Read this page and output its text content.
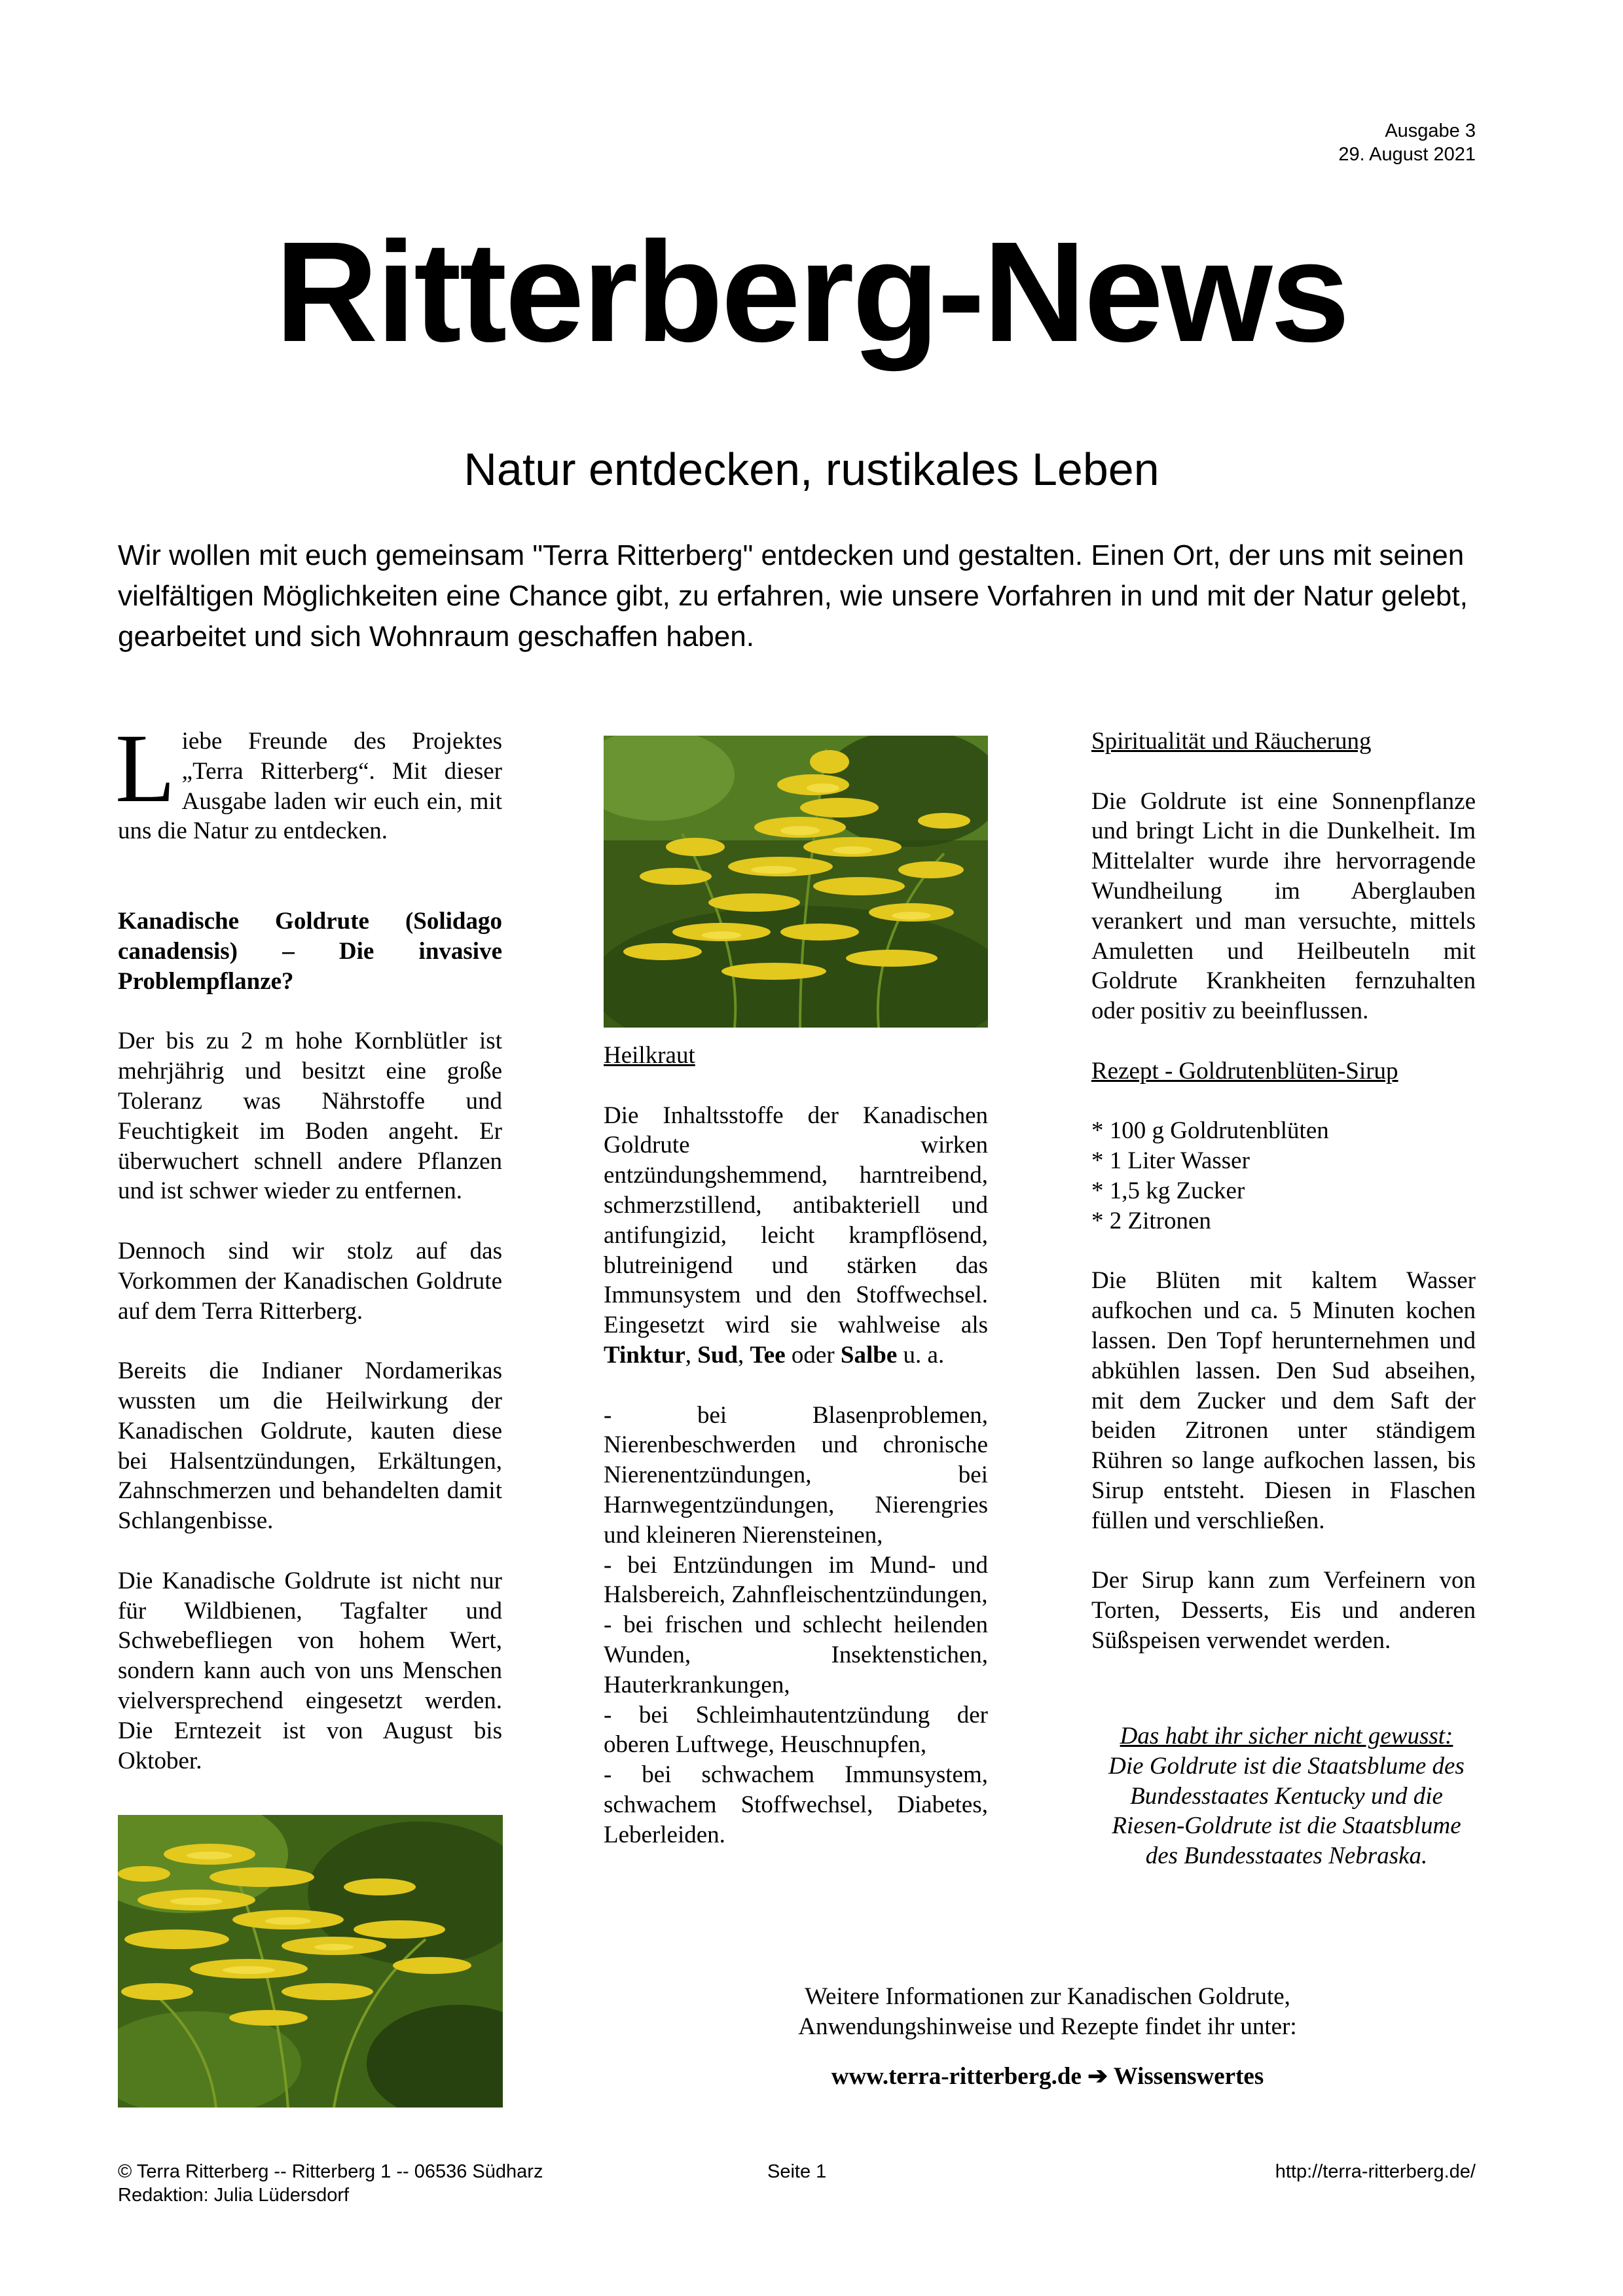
Ausgabe 3
29. August 2021
Ritterberg-News
Natur entdecken, rustikales Leben
Wir wollen mit euch gemeinsam "Terra Ritterberg" entdecken und gestalten. Einen Ort, der uns mit seinen vielfältigen Möglichkeiten eine Chance gibt, zu erfahren, wie unsere Vorfahren in und mit der Natur gelebt, gearbeitet und sich Wohnraum geschaffen haben.

Liebe Freunde des Projektes „Terra Ritterberg“. Mit dieser Ausgabe laden wir euch ein, mit uns die Natur zu entdecken.

Kanadische Goldrute (Solidago canadensis) – Die invasive Problempflanze?

Der bis zu 2 m hohe Kornblütler ist mehrjährig und besitzt eine große Toleranz was Nährstoffe und Feuchtigkeit im Boden angeht. Er überwuchert schnell andere Pflanzen und ist schwer wieder zu entfernen.

Dennoch sind wir stolz auf das Vorkommen der Kanadischen Goldrute auf dem Terra Ritterberg.

Bereits die Indianer Nordamerikas wussten um die Heilwirkung der Kanadischen Goldrute, kauten diese bei Halsentzündungen, Erkältungen, Zahnschmerzen und behandelten damit Schlangenbisse.

Die Kanadische Goldrute ist nicht nur für Wildbienen, Tagfalter und Schwebefliegen von hohem Wert, sondern kann auch von uns Menschen vielversprechend eingesetzt werden. Die Erntezeit ist von August bis Oktober.

Heilkraut

Die Inhaltsstoffe der Kanadischen Goldrute wirken entzündungshemmend, harntreibend, schmerzstillend, antibakteriell und antifungizid, leicht krampflösend, blutreinigend und stärken das Immunsystem und den Stoffwechsel. Eingesetzt wird sie wahlweise als Tinktur, Sud, Tee oder Salbe u. a.

- bei Blasenproblemen, Nierenbeschwerden und chronische Nierenentzündungen, bei Harnwegentzündungen, Nierengries und kleineren Nierensteinen,

- bei Entzündungen im Mund- und Halsbereich, Zahnfleischentzündungen,

- bei frischen und schlecht heilenden Wunden, Insektenstichen, Hauterkrankungen,

- bei Schleimhautentzündung der oberen Luftwege, Heuschnupfen,

- bei schwachem Immunsystem, schwachem Stoffwechsel, Diabetes, Leberleiden.

Spiritualität und Räucherung

Die Goldrute ist eine Sonnenpflanze und bringt Licht in die Dunkelheit. Im Mittelalter wurde ihre hervorragende Wundheilung im Aberglauben verankert und man versuchte, mittels Amuletten und Heilbeuteln mit Goldrute Krankheiten fernzuhalten oder positiv zu beeinflussen.

Rezept - Goldrutenblüten-Sirup

* 100 g Goldrutenblüten

* 1 Liter Wasser

* 1,5 kg Zucker

* 2 Zitronen

Die Blüten mit kaltem Wasser aufkochen und ca. 5 Minuten kochen lassen. Den Topf herunternehmen und abkühlen lassen. Den Sud abseihen, mit dem Zucker und dem Saft der beiden Zitronen unter ständigem Rühren so lange aufkochen lassen, bis Sirup entsteht. Diesen in Flaschen füllen und verschließen.

Der Sirup kann zum Verfeinern von Torten, Desserts, Eis und anderen Süßspeisen verwendet werden.

Das habt ihr sicher nicht gewusst:
Die Goldrute ist die Staatsblume des
Bundesstaates Kentucky und die
Riesen-Goldrute ist die Staatsblume
des Bundesstaates Nebraska.
Weitere Informationen zur Kanadischen Goldrute,
Anwendungshinweise und Rezepte findet ihr unter:
www.terra-ritterberg.de ➔ Wissenswertes
© Terra Ritterberg -- Ritterberg 1 -- 06536 Südharz
Redaktion: Julia Lüdersdorf
Seite 1	http://terra-ritterberg.de/
